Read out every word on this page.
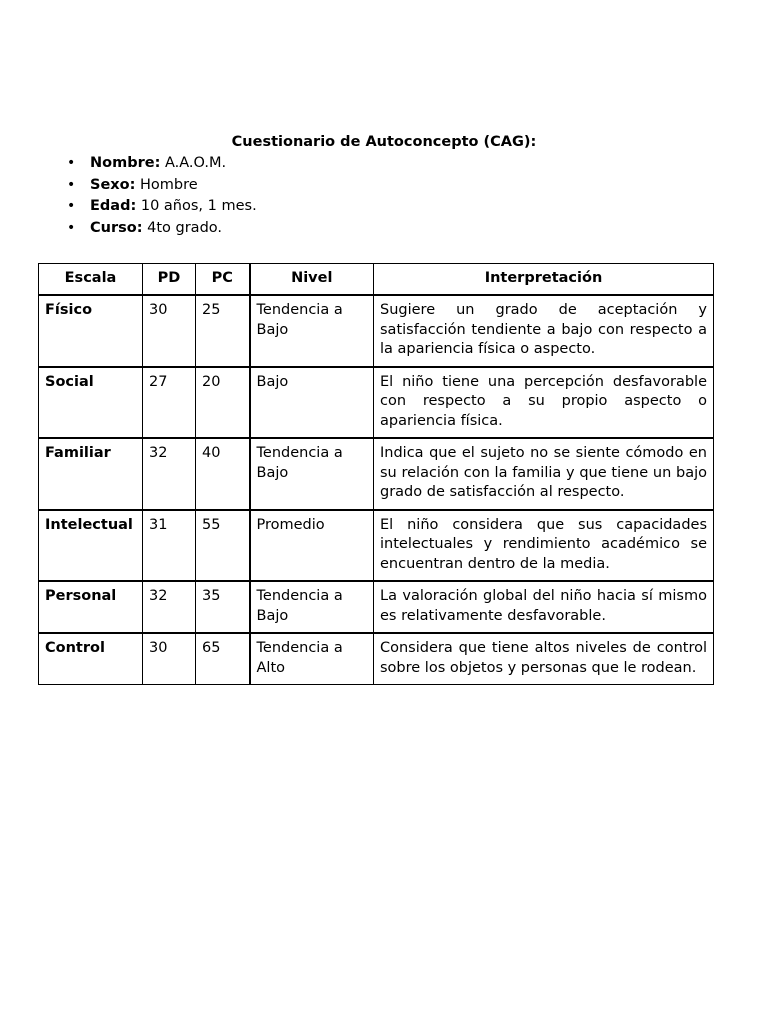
Cuestionario de Autoconcepto (CAG):
• Nombre: A.A.O.M.
• Sexo: Hombre
• Edad: 10 años, 1 mes.
• Curso: 4to grado.
Escala	PD	PC	Nivel	Interpretación
Físico	30	25	Tendencia a Bajo	Sugiere un grado de aceptación y satisfacción tendiente a bajo con respecto a la apariencia física o aspecto.
Social	27	20	Bajo	El niño tiene una percepción desfavorable con respecto a su propio aspecto o apariencia física.
Familiar	32	40	Tendencia a Bajo	Indica que el sujeto no se siente cómodo en su relación con la familia y que tiene un bajo grado de satisfacción al respecto.
Intelectual	31	55	Promedio	El niño considera que sus capacidades intelectuales y rendimiento académico se encuentran dentro de la media.
Personal	32	35	Tendencia a Bajo	La valoración global del niño hacia sí mismo es relativamente desfavorable.
Control	30	65	Tendencia a Alto	Considera que tiene altos niveles de control sobre los objetos y personas que le rodean.
